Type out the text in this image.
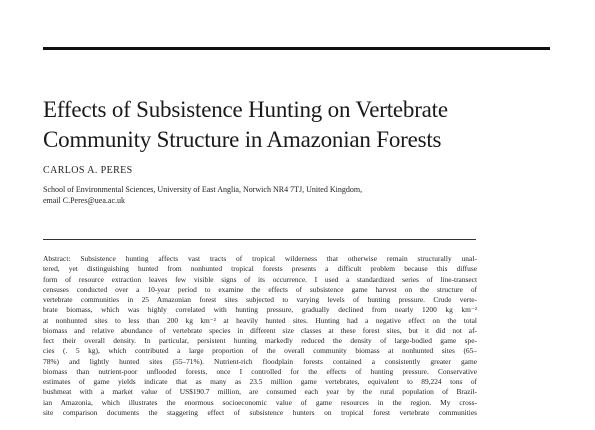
Effects of Subsistence Hunting on Vertebrate
Community Structure in Amazonian Forests
CARLOS A. PERES
School of Environmental Sciences, University of East Anglia, Norwich NR4 7TJ, United Kingdom,
email C.Peres@uea.ac.uk
Abstract: Subsistence hunting affects vast tracts of tropical wilderness that otherwise remain structurally unal-
tered, yet distinguishing hunted from nonhunted tropical forests presents a difficult problem because this diffuse
form of resource extraction leaves few visible signs of its occurrence. I used a standardized series of line-transect
censuses conducted over a 10-year period to examine the effects of subsistence game harvest on the structure of
vertebrate communities in 25 Amazonian forest sites subjected to varying levels of hunting pressure. Crude verte-
brate biomass, which was highly correlated with hunting pressure, gradually declined from nearly 1200 kg km⁻²
at nonhunted sites to less than 200 kg km⁻² at heavily hunted sites. Hunting had a negative effect on the total
biomass and relative abundance of vertebrate species in different size classes at these forest sites, but it did not af-
fect their overall density. In particular, persistent hunting markedly reduced the density of large-bodied game spe-
cies (. 5 kg), which contributed a large proportion of the overall community biomass at nonhunted sites (65–
78%) and lightly hunted sites (55–71%). Nutrient-rich floodplain forests contained a consistently greater game
biomass than nutrient-poor unflooded forests, once I controlled for the effects of hunting pressure. Conservative
estimates of game yields indicate that as many as 23.5 million game vertebrates, equivalent to 89,224 tons of
bushmeat with a market value of US$190.7 million, are consumed each year by the rural population of Brazil-
ian Amazonia, which illustrates the enormous socioeconomic value of game resources in the region. My cross-
site comparison documents the staggering effect of subsistence hunters on tropical forest vertebrate communities
